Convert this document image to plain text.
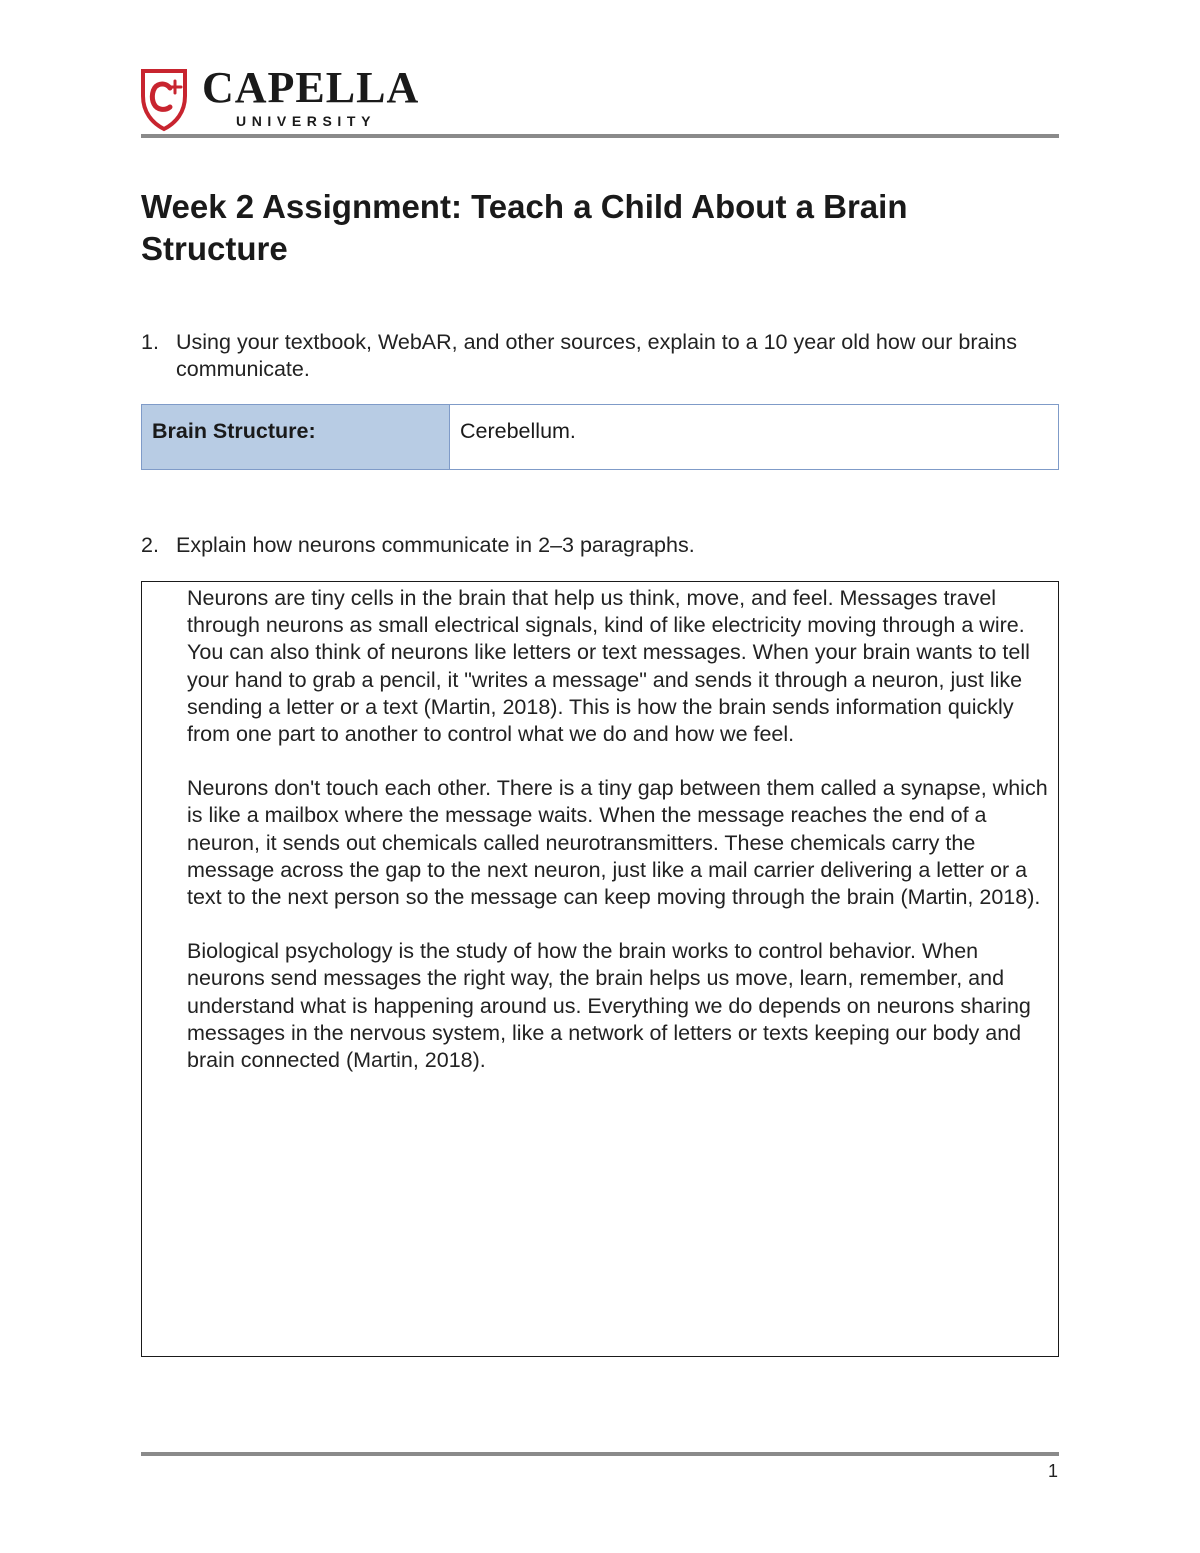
CAPELLA
UNIVERSITY
Week 2 Assignment: Teach a Child About a Brain Structure
1. Using your textbook, WebAR, and other sources, explain to a 10 year old how our brains communicate.
Brain Structure:	Cerebellum.
2. Explain how neurons communicate in 2–3 paragraphs.

Neurons are tiny cells in the brain that help us think, move, and feel. Messages travel through neurons as small electrical signals, kind of like electricity moving through a wire. You can also think of neurons like letters or text messages. When your brain wants to tell your hand to grab a pencil, it "writes a message" and sends it through a neuron, just like sending a letter or a text (Martin, 2018). This is how the brain sends information quickly from one part to another to control what we do and how we feel.

Neurons don't touch each other. There is a tiny gap between them called a synapse, which is like a mailbox where the message waits. When the message reaches the end of a neuron, it sends out chemicals called neurotransmitters. These chemicals carry the message across the gap to the next neuron, just like a mail carrier delivering a letter or a text to the next person so the message can keep moving through the brain (Martin, 2018).

Biological psychology is the study of how the brain works to control behavior. When neurons send messages the right way, the brain helps us move, learn, remember, and understand what is happening around us. Everything we do depends on neurons sharing messages in the nervous system, like a network of letters or texts keeping our body and brain connected (Martin, 2018).

1
